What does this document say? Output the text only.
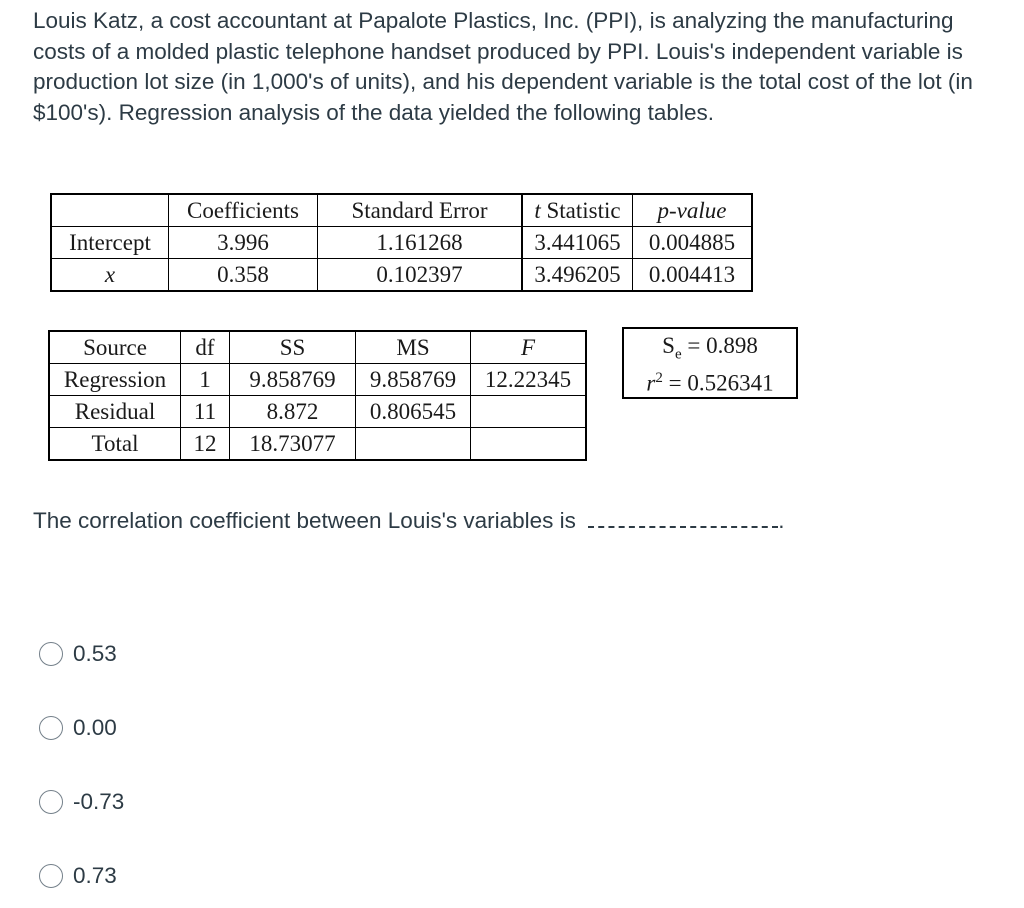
Louis Katz, a cost accountant at Papalote Plastics, Inc. (PPI), is analyzing the manufacturing costs of a molded plastic telephone handset produced by PPI. Louis's independent variable is production lot size (in 1,000's of units), and his dependent variable is the total cost of the lot (in $100's). Regression analysis of the data yielded the following tables.

	Coefficients	Standard Error	t Statistic	p-value
Intercept	3.996	1.161268	3.441065	0.004885
x	0.358	0.102397	3.496205	0.004413
Source	df	SS	MS	F
Regression	1	9.858769	9.858769	12.22345
Residual	11	8.872	0.806545	
Total	12	18.73077		
$S_e = 0.898$
$r^2 = 0.526341$

The correlation coefficient between Louis's variables is	.

0.53
0.00
-0.73
0.73
